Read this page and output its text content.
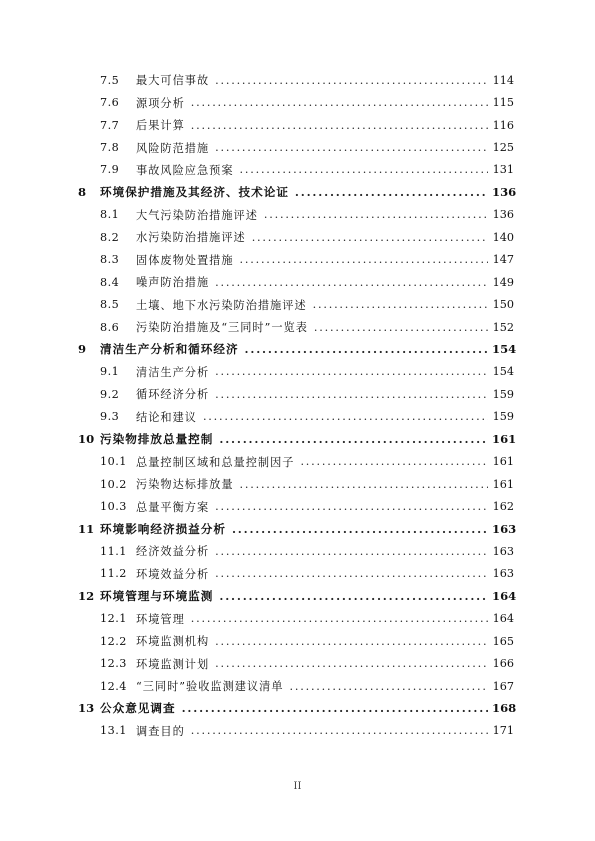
7.5	最大可信事故 .....	114
7.6	源项分析 .....	115
7.7	后果计算 .....	116
7.8	风险防范措施 .....	125
7.9	事故风险应急预案 .....	131
8	环境保护措施及其经济、技术论证 .....	136
8.1	大气污染防治措施评述 .....	136
8.2	水污染防治措施评述 .....	140
8.3	固体废物处置措施 .....	147
8.4	噪声防治措施 .....	149
8.5	土壤、地下水污染防治措施评述 .....	150
8.6	污染防治措施及“三同时”一览表 .....	152
9	清洁生产分析和循环经济 .....	154
9.1	清洁生产分析 .....	154
9.2	循环经济分析 .....	159
9.3	结论和建议 .....	159
10 污染物排放总量控制 .....	161
10.1 总量控制区域和总量控制因子 .....	161
10.2 污染物达标排放量 .....	161
10.3 总量平衡方案 .....	162
11 环境影响经济损益分析 .....	163
11.1 经济效益分析 .....	163
11.2 环境效益分析 .....	163
12 环境管理与环境监测 .....	164
12.1 环境管理 .....	164
12.2 环境监测机构 .....	165
12.3 环境监测计划 .....	166
12.4 “三同时”验收监测建议清单 .....	167
13 公众意见调查 .....	168
13.1 调查目的 .....	171
II
